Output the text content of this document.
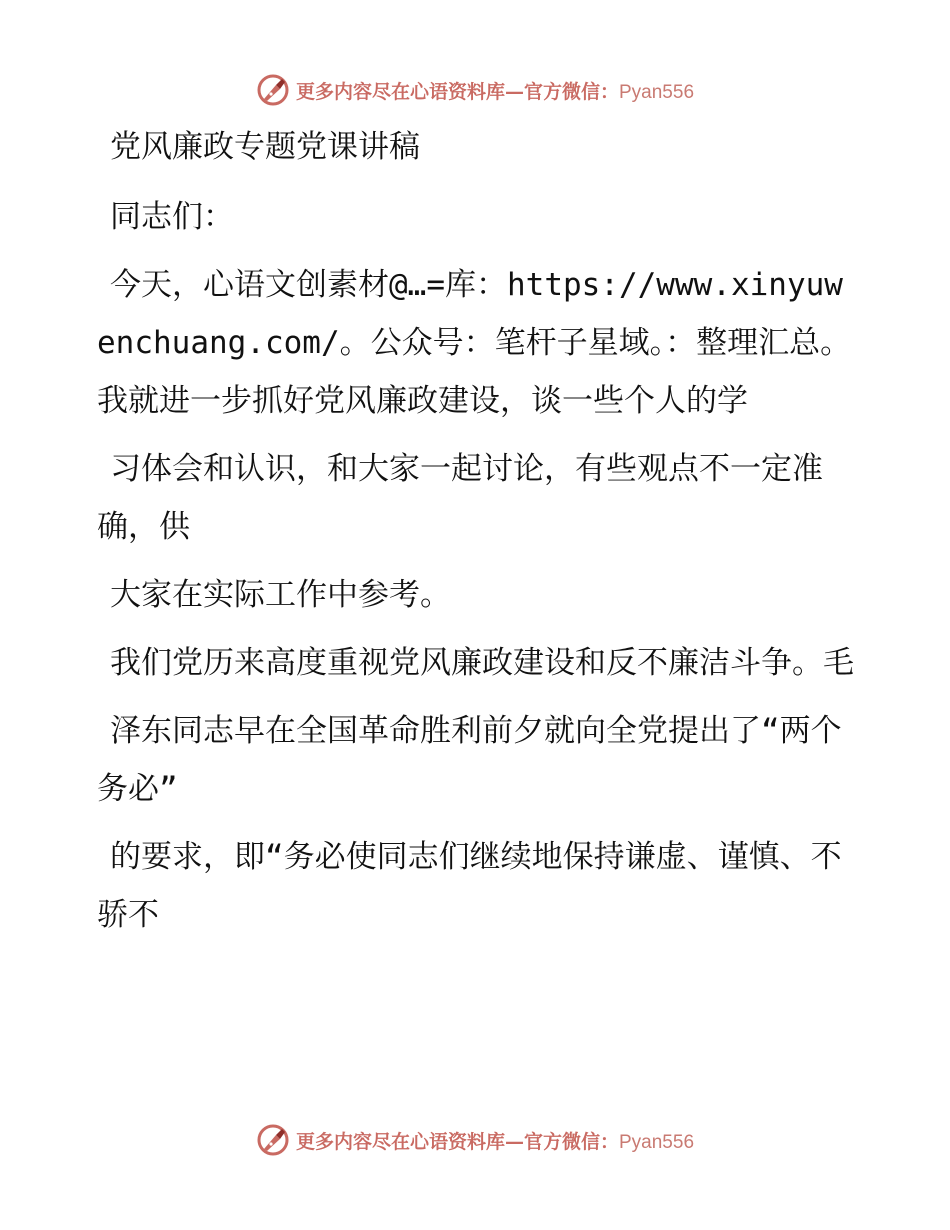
更多内容尽在心语资料库—官方微信：Pyan556

党风廉政专题党课讲稿

同志们：

今天，心语文创素材@…=库：https://www.xinyuwenchuang.com/。公众号：笔杆子星域。：整理汇总。我就进一步抓好党风廉政建设，谈一些个人的学

习体会和认识，和大家一起讨论，有些观点不一定准确，供

大家在实际工作中参考。

我们党历来高度重视党风廉政建设和反不廉洁斗争。毛

泽东同志早在全国革命胜利前夕就向全党提出了“两个务必”

的要求，即“务必使同志们继续地保持谦虚、谨慎、不骄不

更多内容尽在心语资料库—官方微信：Pyan556
